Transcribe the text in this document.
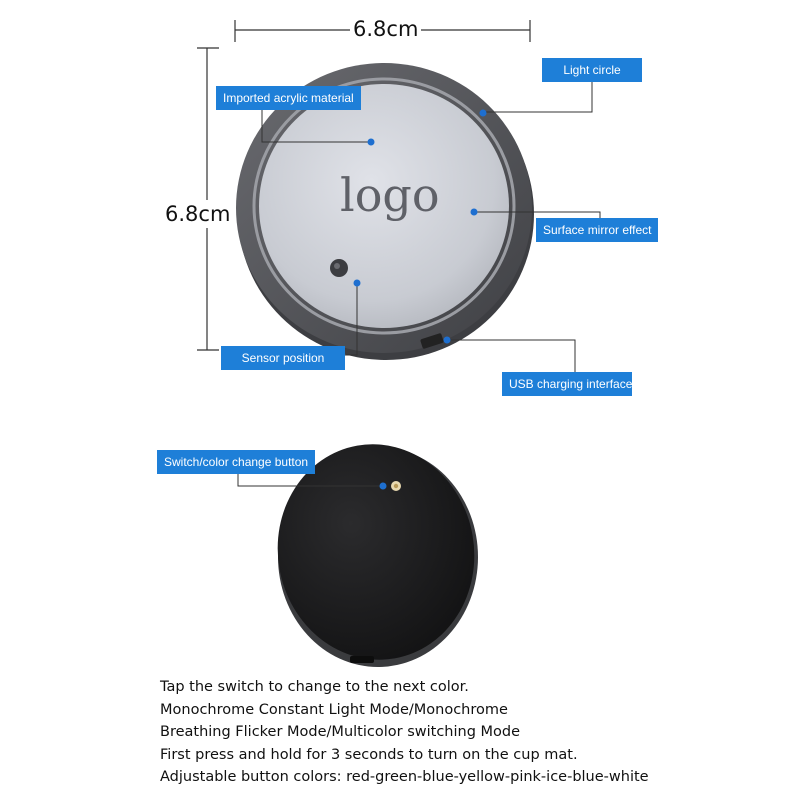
logo
6.8cm
6.8cm
Imported acrylic material
Light circle
Surface mirror effect
Sensor position
USB charging interface
Switch/color change button
Tap the switch to change to the next color.
Monochrome Constant Light Mode/Monochrome
Breathing Flicker Mode/Multicolor switching Mode
First press and hold for 3 seconds to turn on the cup mat.
Adjustable button colors: red-green-blue-yellow-pink-ice-blue-white
